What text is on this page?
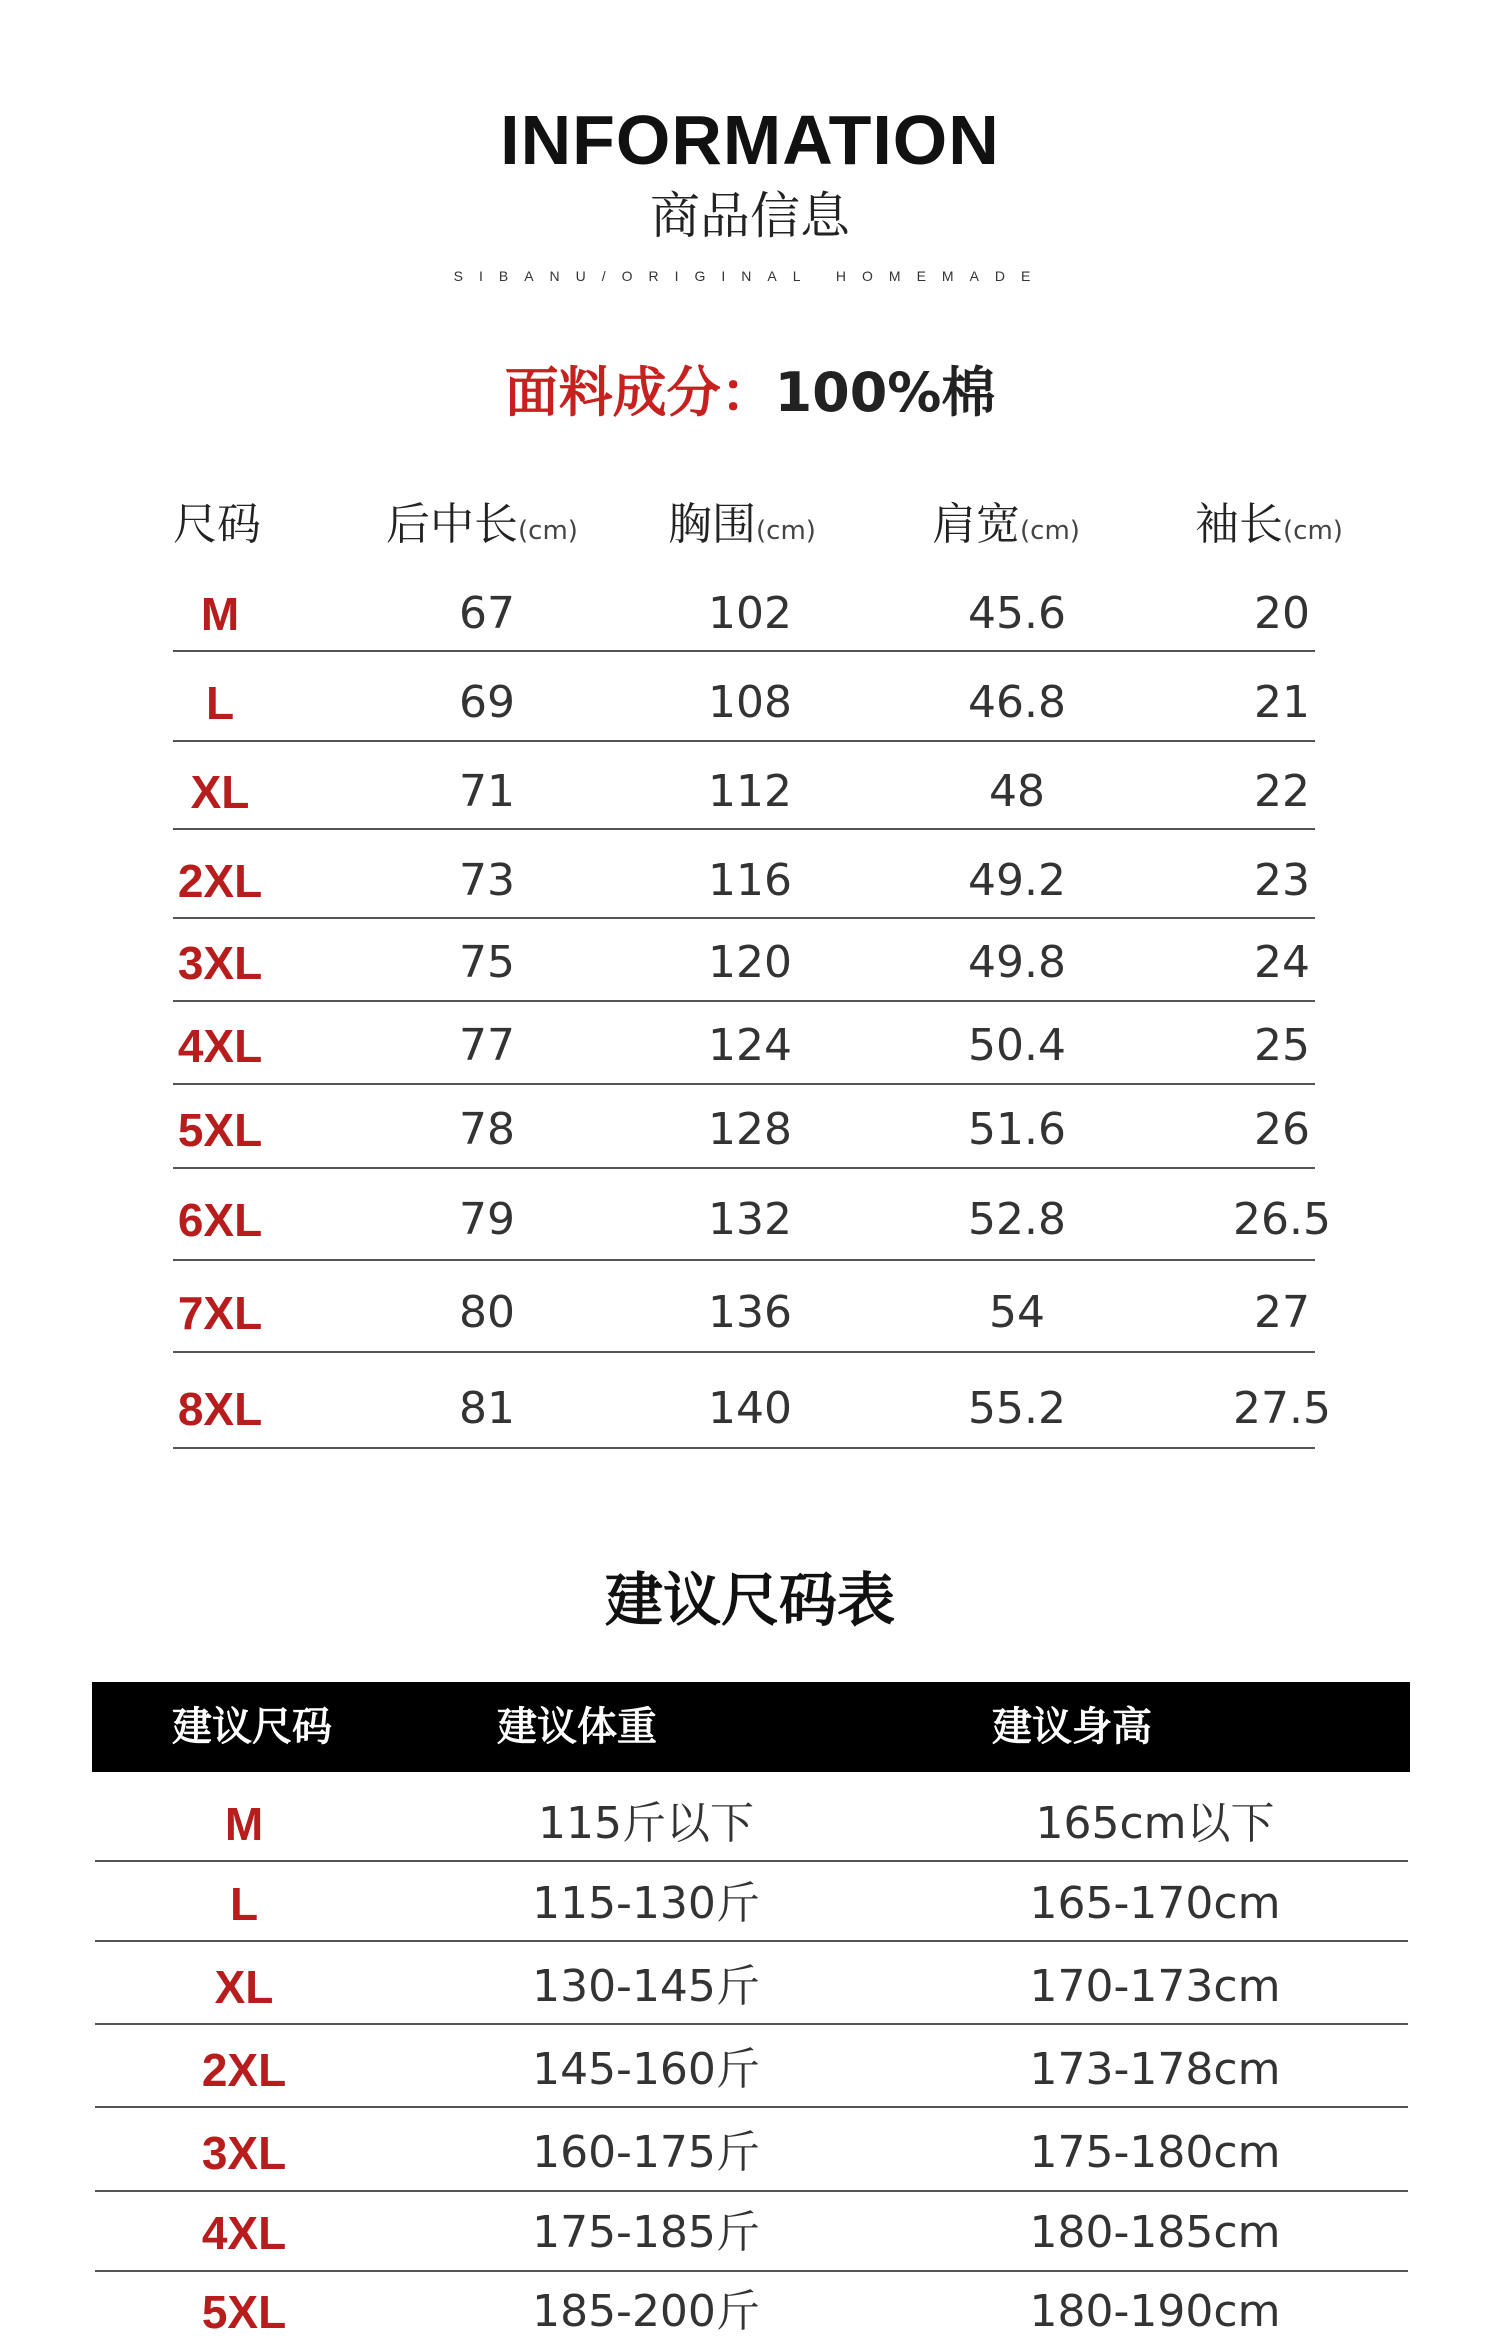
INFORMATION
商品信息
SIBANU/ORIGINAL HOMEMADE
面料成分：100%棉
尺码	后中长(cm) 胸围(cm)	肩宽(cm)	袖长(cm)
M	67	102	45.6	20
L	69	108	46.8	21
XL	71	112	48	22
2XL	73	116	49.2	23
3XL	75	120	49.8	24
4XL	77	124	50.4	25
5XL	78	128	51.6	26
6XL	79	132	52.8	26.5
7XL	80	136	54	27
8XL	81	140	55.2	27.5
建议尺码表
建议尺码	建议体重	建议身高
M	115斤以下	165cm以下
L	115-130斤	165-170cm
XL	130-145斤	170-173cm
2XL	145-160斤	173-178cm
3XL	160-175斤	175-180cm
4XL	175-185斤	180-185cm
5XL	185-200斤	180-190cm
